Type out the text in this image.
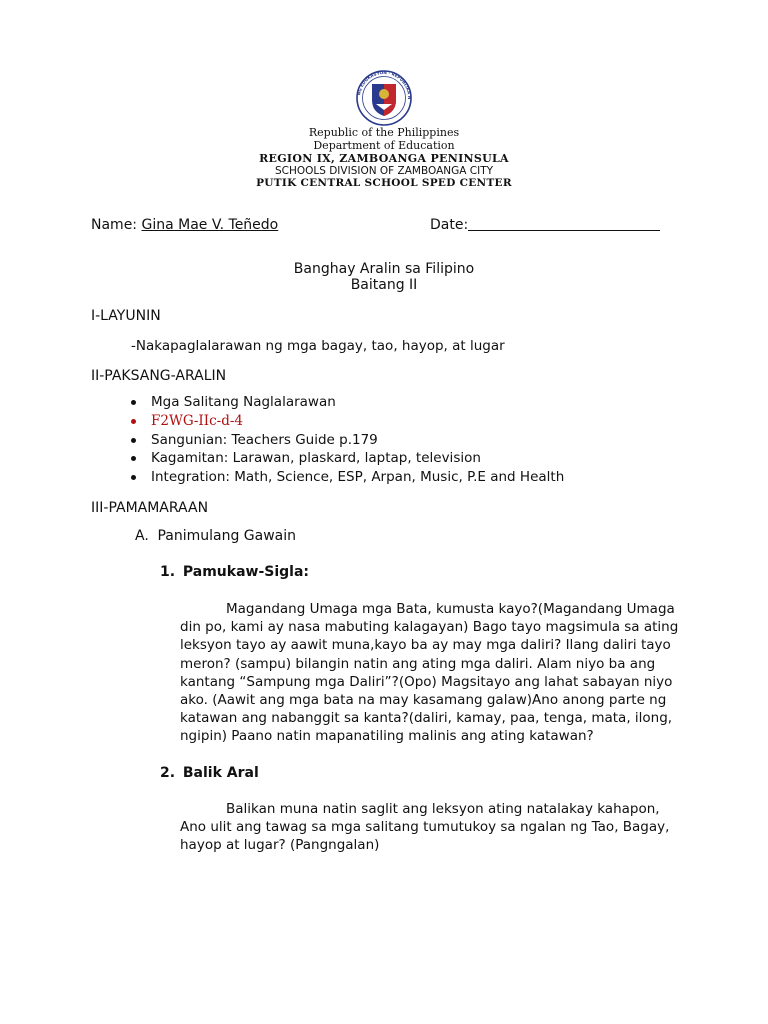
NG EDUKASYON · REPUBLIKA N
Republic of the Philippines
Department of Education
REGION IX, ZAMBOANGA PENINSULA
SCHOOLS DIVISION OF ZAMBOANGA CITY
PUTIK CENTRAL SCHOOL SPED CENTER
Name: Gina Mae V. Teñedo	Date:
Banghay Aralin sa Filipino
Baitang II
I-LAYUNIN
-Nakapaglalarawan ng mga bagay, tao, hayop, at lugar
II-PAKSANG-ARALIN
Mga Salitang Naglalarawan
F2WG-IIc-d-4
Sangunian: Teachers Guide p.179
Kagamitan: Larawan, plaskard, laptap, television
Integration: Math, Science, ESP, Arpan, Music, P.E and Health
III-PAMAMARAAN
A. Panimulang Gawain
1. Pamukaw-Sigla:
Magandang Umaga mga Bata, kumusta kayo?(Magandang Umaga
din po, kami ay nasa mabuting kalagayan) Bago tayo magsimula sa ating
leksyon tayo ay aawit muna,kayo ba ay may mga daliri? Ilang daliri tayo
meron? (sampu) bilangin natin ang ating mga daliri. Alam niyo ba ang
kantang “Sampung mga Daliri”?(Opo) Magsitayo ang lahat sabayan niyo
ako. (Aawit ang mga bata na may kasamang galaw)Ano anong parte ng
katawan ang nabanggit sa kanta?(daliri, kamay, paa, tenga, mata, ilong,
ngipin) Paano natin mapanatiling malinis ang ating katawan?
2. Balik Aral
Balikan muna natin saglit ang leksyon ating natalakay kahapon,
Ano ulit ang tawag sa mga salitang tumutukoy sa ngalan ng Tao, Bagay,
hayop at lugar? (Pangngalan)
